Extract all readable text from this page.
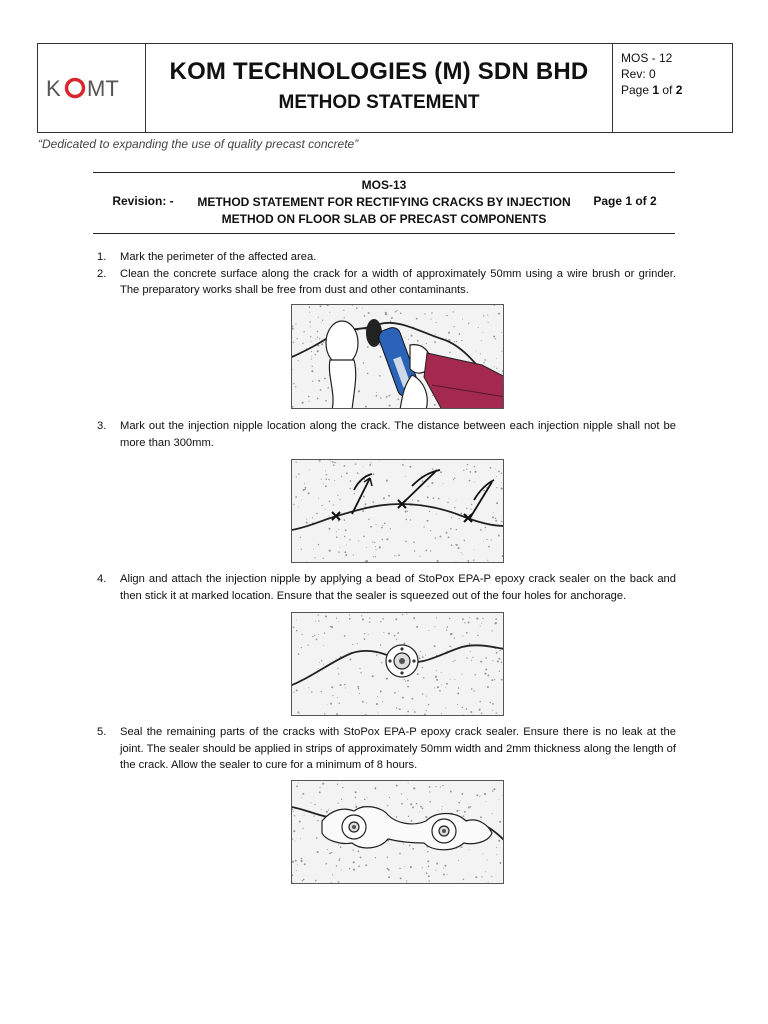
K MT
KOM TECHNOLOGIES (M) SDN BHD
METHOD STATEMENT
MOS - 12
Rev: 0
Page 1 of 2
“Dedicated to expanding the use of quality precast concrete”
MOS-13
Revision: -	METHOD STATEMENT FOR RECTIFYING CRACKS BY INJECTION
METHOD ON FLOOR SLAB OF PRECAST COMPONENTS
Page 1 of 2
1.	Mark the perimeter of the affected area.
2.	Clean the concrete surface along the crack for a width of approximately 50mm using a wire brush or grinder. The preparatory works shall be free from dust and other contaminants.
3.	Mark out the injection nipple location along the crack. The distance between each injection nipple shall not be more than 300mm.
4.	Align and attach the injection nipple by applying a bead of StoPox EPA-P epoxy crack sealer on the back and then stick it at marked location. Ensure that the sealer is squeezed out of the four holes for anchorage.
5.	Seal the remaining parts of the cracks with StoPox EPA-P epoxy crack sealer. Ensure there is no leak at the joint. The sealer should be applied in strips of approximately 50mm width and 2mm thickness along the length of the crack. Allow the sealer to cure for a minimum of 8 hours.
